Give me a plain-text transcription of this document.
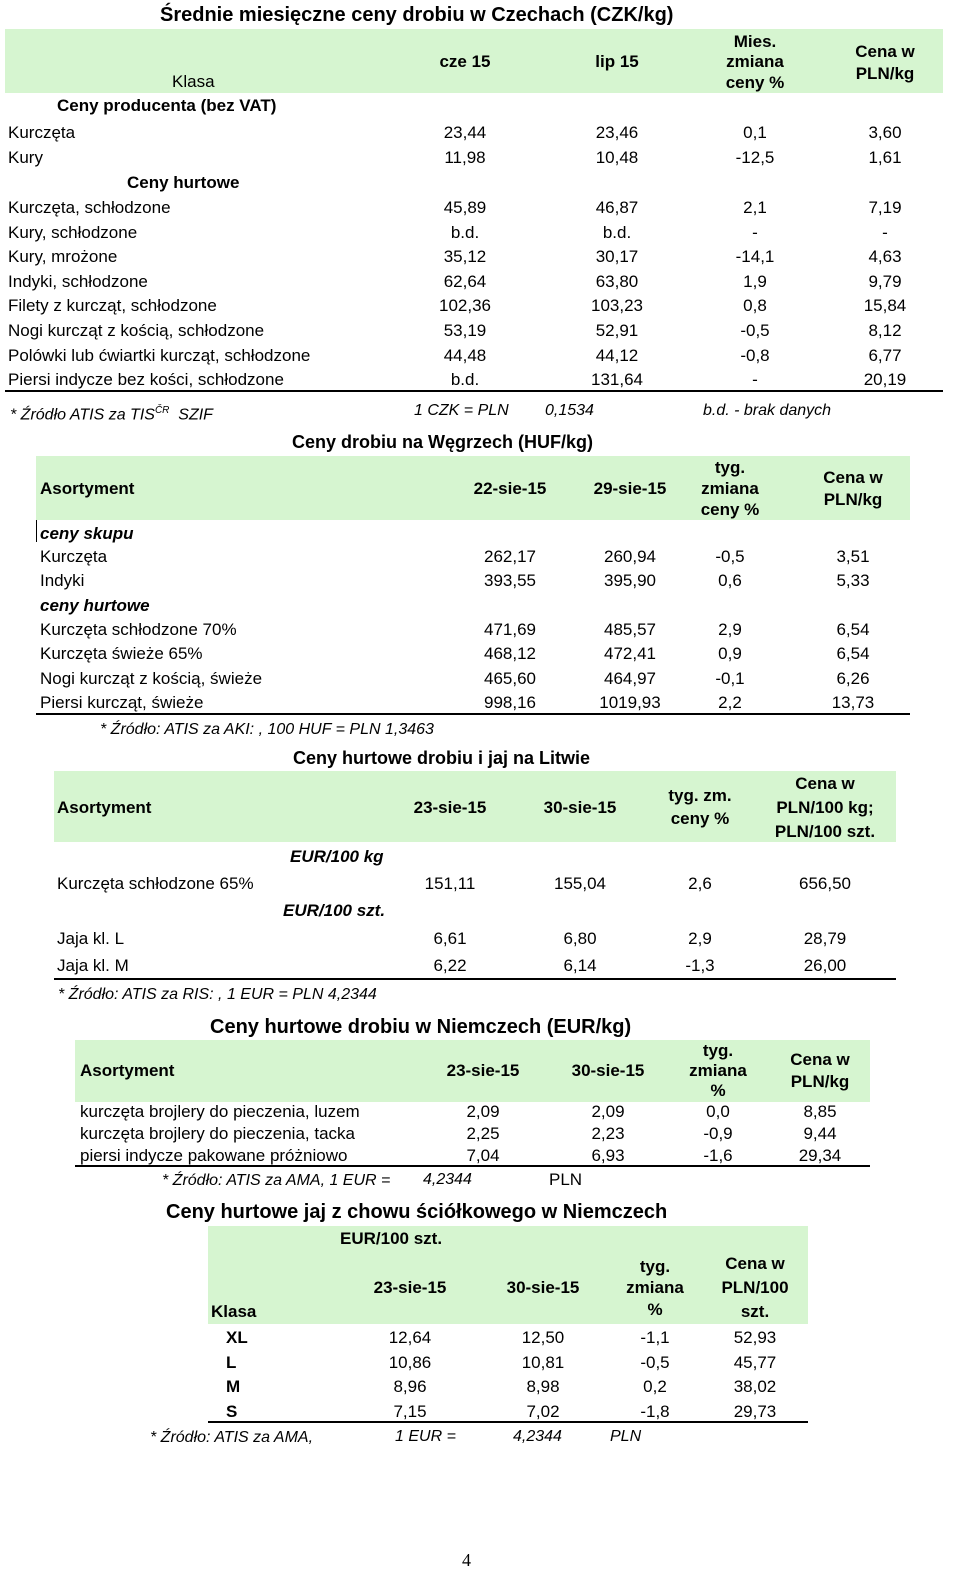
Średnie miesięczne ceny drobiu w Czechach (CZK/kg)
Klasa
cze 15	lip 15
Mies.
zmiana
ceny %
Cena w
PLN/kg
Ceny producenta (bez VAT)
Kurczęta	23,44	23,46	0,1	3,60
Kury	11,98	10,48	-12,5	1,61
Ceny hurtowe
Kurczęta, schłodzone	45,89	46,87	2,1	7,19
Kury, schłodzone	b.d.	b.d.	-	-
Kury, mrożone	35,12	30,17	-14,1	4,63
Indyki, schłodzone	62,64	63,80	1,9	9,79
Filety z kurcząt, schłodzone	102,36	103,23	0,8	15,84
Nogi kurcząt z kością, schłodzone	53,19	52,91	-0,5	8,12
Polówki lub ćwiartki kurcząt, schłodzone	44,48	44,12	-0,8	6,77
Piersi indycze bez kości, schłodzone	b.d.	131,64	-	20,19
* Źródło ATIS za $TIS^{ČR}$ SZIF	1 CZK = PLN 0,1534	b.d. - brak danych
Ceny drobiu na Węgrzech (HUF/kg)
Asortyment	22-sie-15	29-sie-15
tyg.
zmiana
ceny %
Cena w
PLN/kg
ceny skupu
Kurczęta	262,17	260,94	-0,5	3,51
Indyki	393,55	395,90	0,6	5,33
ceny hurtowe
Kurczęta schłodzone 70%	471,69	485,57	2,9	6,54
Kurczęta świeże 65%	468,12	472,41	0,9	6,54
Nogi kurcząt z kością, świeże	465,60	464,97	-0,1	6,26
Piersi kurcząt, świeże	998,16	1019,93	2,2	13,73
* Źródło: ATIS za AKI: , 100 HUF = PLN 1,3463
Ceny hurtowe drobiu i jaj na Litwie
Asortyment	23-sie-15	30-sie-15
tyg. zm.
ceny %
Cena w
PLN/100 kg;
PLN/100 szt.
EUR/100 kg
Kurczęta schłodzone 65%	151,11	155,04	2,6	656,50
EUR/100 szt.
Jaja kl. L	6,61	6,80	2,9	28,79
Jaja kl. M	6,22	6,14	-1,3	26,00
* Źródło: ATIS za RIS: , 1 EUR = PLN 4,2344
Ceny hurtowe drobiu w Niemczech (EUR/kg)
Asortyment	23-sie-15	30-sie-15
tyg.
zmiana
%
Cena w
PLN/kg
kurczęta brojlery do pieczenia, luzem	2,09	2,09	0,0	8,85
kurczęta brojlery do pieczenia, tacka	2,25	2,23	-0,9	9,44
piersi indycze pakowane próżniowo	7,04	6,93	-1,6	29,34
* Źródło: ATIS za AMA, 1 EUR = 4,2344	PLN
Ceny hurtowe jaj z chowu ściółkowego w Niemczech
EUR/100 szt.
Klasa
23-sie-15	30-sie-15
tyg.
zmiana
%
Cena w
PLN/100
szt.
XL	12,64	12,50	-1,1	52,93
L	10,86	10,81	-0,5	45,77
M	8,96	8,98	0,2	38,02
S	7,15	7,02	-1,8	29,73
* Źródło: ATIS za AMA,	1 EUR =	4,2344	PLN
4
